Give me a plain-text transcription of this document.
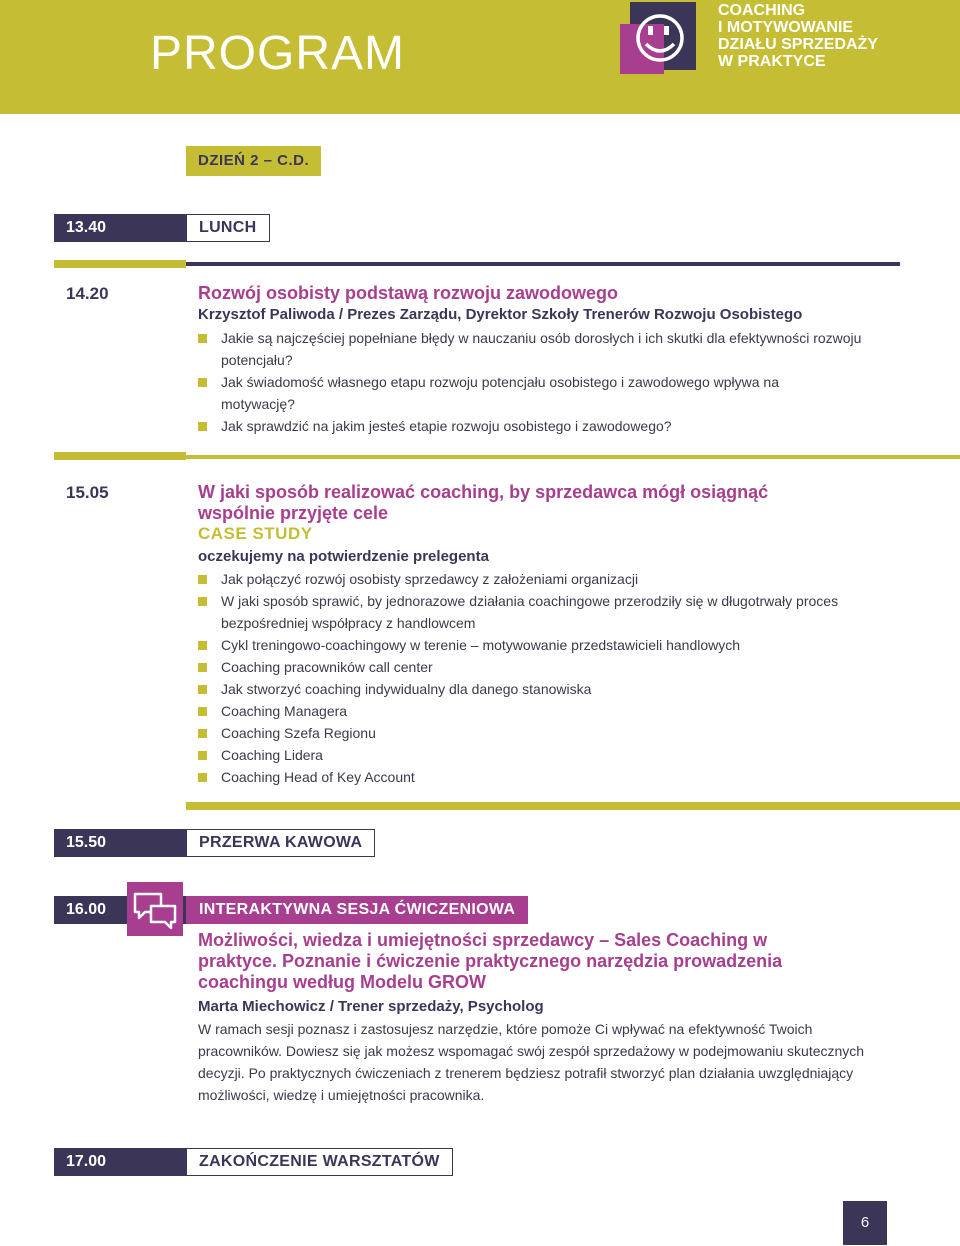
PROGRAM
COACHING
I MOTYWOWANIE
DZIAŁU SPRZEDAŻY
W PRAKTYCE
DZIEŃ 2 – C.D.
13.40	LUNCH
14.20	Rozwój osobisty podstawą rozwoju zawodowego
Krzysztof Paliwoda / Prezes Zarządu, Dyrektor Szkoły Trenerów Rozwoju Osobistego
Jakie są najczęściej popełniane błędy w nauczaniu osób dorosłych i ich skutki dla efektywności rozwoju potencjału?
Jak świadomość własnego etapu rozwoju potencjału osobistego i zawodowego wpływa na motywację?
Jak sprawdzić na jakim jesteś etapie rozwoju osobistego i zawodowego?
15.05	W jaki sposób realizować coaching, by sprzedawca mógł osiągnąć wspólnie przyjęte cele
CASE STUDY
oczekujemy na potwierdzenie prelegenta
Jak połączyć rozwój osobisty sprzedawcy z założeniami organizacji
W jaki sposób sprawić, by jednorazowe działania coachingowe przerodziły się w długotrwały proces bezpośredniej współpracy z handlowcem
Cykl treningowo-coachingowy w terenie – motywowanie przedstawicieli handlowych
Coaching pracowników call center
Jak stworzyć coaching indywidualny dla danego stanowiska
Coaching Managera
Coaching Szefa Regionu
Coaching Lidera
Coaching Head of Key Account
15.50	PRZERWA KAWOWA
16.00	INTERAKTYWNA SESJA ĆWICZENIOWA
Możliwości, wiedza i umiejętności sprzedawcy – Sales Coaching w praktyce. Poznanie i ćwiczenie praktycznego narzędzia prowadzenia coachingu według Modelu GROW
Marta Miechowicz / Trener sprzedaży, Psycholog
W ramach sesji poznasz i zastosujesz narzędzie, które pomoże Ci wpływać na efektywność Twoich pracowników. Dowiesz się jak możesz wspomagać swój zespół sprzedażowy w podejmowaniu skutecznych decyzji. Po praktycznych ćwiczeniach z trenerem będziesz potrafił stworzyć plan działania uwzględniający możliwości, wiedzę i umiejętności pracownika.
17.00	ZAKOŃCZENIE WARSZTATÓW
6
